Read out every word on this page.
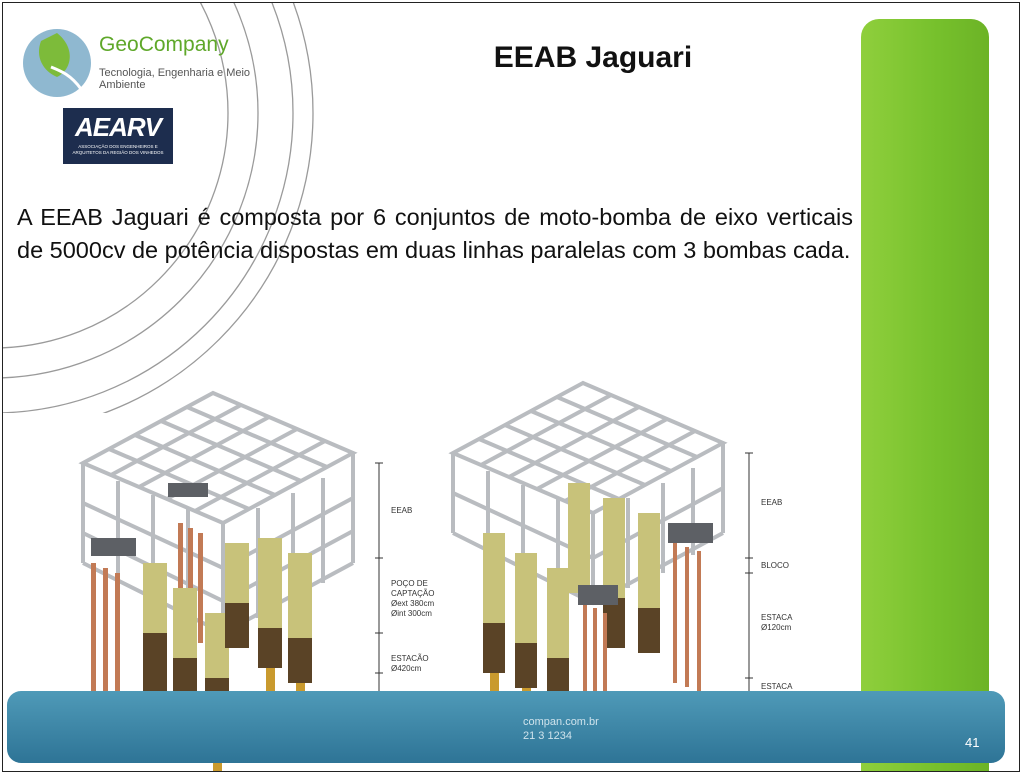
GeoCompany
Tecnologia, Engenharia e Meio Ambiente
AEARV
ASSOCIAÇÃO DOS ENGENHEIROS E ARQUITETOS DA REGIÃO DOS VINHEDOS
EEAB Jaguari
A EEAB Jaguari é composta por 6 conjuntos de moto-bomba de eixo verticais de 5000cv de potência dispostas em duas linhas paralelas com 3 bombas cada.
EEAB
POÇO DE
CAPTAÇÃO
Øext 380cm
Øint 300cm
ESTACÃO
Ø420cm
EEAB
BLOCO
ESTACA
Ø120cm
ESTACA
compan.com.br
21 3 1234	41
